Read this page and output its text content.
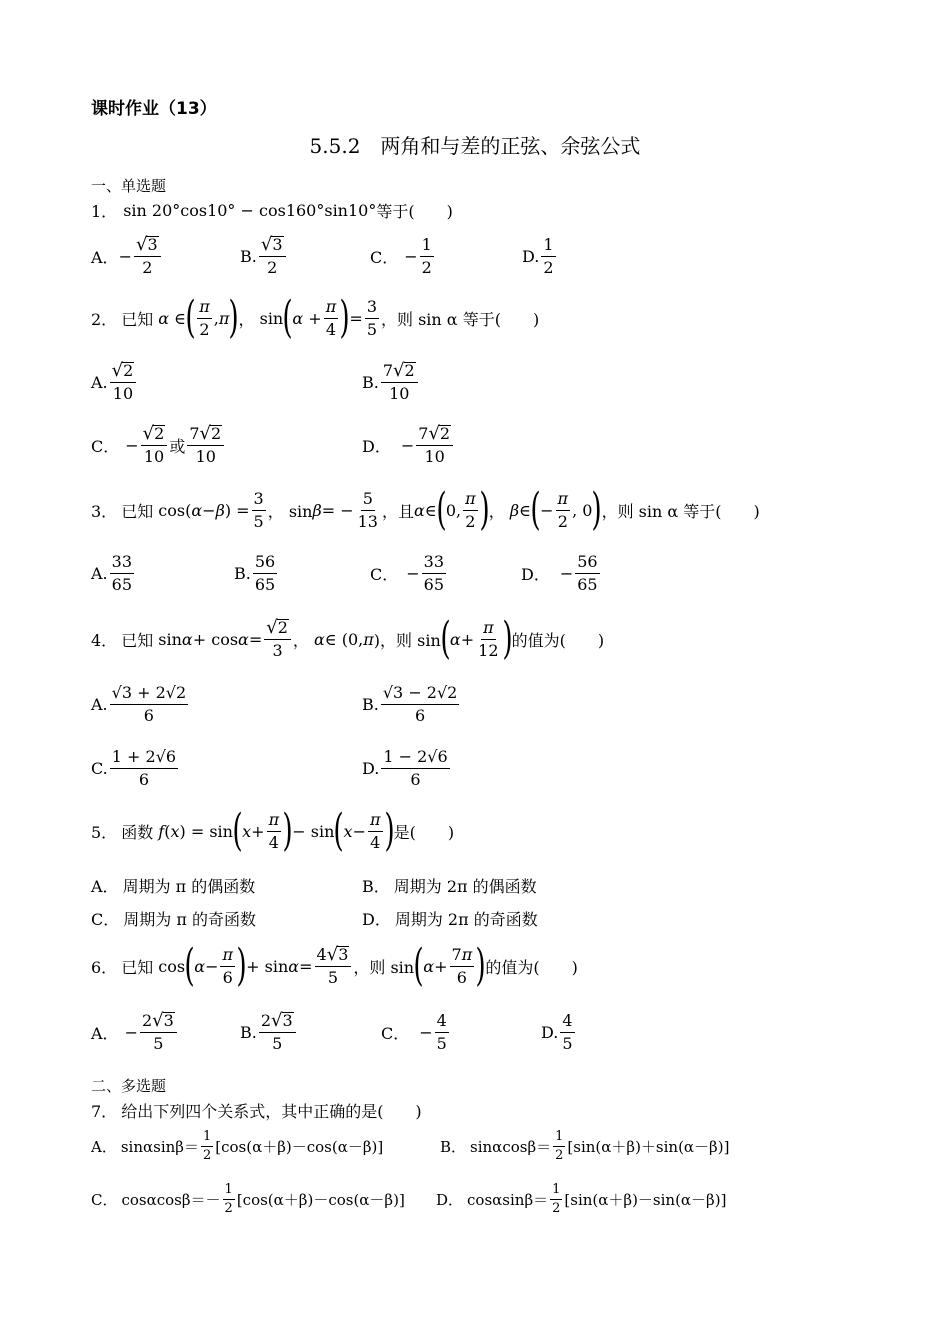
课时作业（13）
5.5.2　两角和与差的正弦、余弦公式
一、单选题
1． sin 20°cos10° − cos160°sin10° 等于(　　)
A． − $\frac{√ 3}{2}$	B. $\frac{√ 3}{2}$	C． − $\frac{1}{2}$	D. $\frac{1}{2}$
2． 已知 α ∈ ( $\frac{\pi}{2}$ , π ) ， sin ( $\alpha + \frac{\pi}{4}$ ) = $\frac{3}{5}$ ，则 sin α 等于(　　)
A. $\frac{√ 2}{10}$	B. $\frac{7 √ 2}{10}$
C． − $\frac{√ 2}{10}$ 或 $\frac{7 √ 2}{10}$	D． − $\frac{7 √ 2}{10}$
3． 已知 cos( α − β ) = $\frac{3}{5}$ ， sin β = − $\frac{5}{13}$ ，且 α ∈ ( 0, $\frac{\pi}{2}$ ) ， β ∈ ( − $\frac{\pi}{2}$ , 0 ) ，则 sin α 等于(　　)
A. $\frac{33}{65}$	B. $\frac{56}{65}$	C． − $\frac{33}{65}$	D． − $\frac{56}{65}$
4． 已知 $\sin \alpha + \cos \alpha = \frac{√ 2}{3}$ ， α ∈ (0, π )，则 sin ( $\alpha + \frac{\pi}{12}$ ) 的值为(　　)
A. $\frac{√3 + 2√2}{6}$	B. $\frac{√3 - 2√2}{6}$
C. $\frac{1 + 2√6}{6}$	D. $\frac{1 - 2√6}{6}$
5． 函数
f ( x ) = sin ( $x + \frac{\pi}{4}$ ) − sin ( $x - \frac{\pi}{4}$ ) 是(　　)
A． 周期为 π 的偶函数	B． 周期为 2π 的偶函数
C． 周期为 π 的奇函数	D． 周期为 2π 的奇函数
6． 已知 cos ( $\alpha - \frac{\pi}{6}$ ) + $\sin \alpha = \frac{4 √ 3}{5}$ ，则 sin ( $\alpha + \frac{7\pi}{6}$ ) 的值为(　　)
A． − $\frac{2 √ 3}{5}$	B. $\frac{2 √ 3}{5}$	C． − $\frac{4}{5}$	D. $\frac{4}{5}$
二、多选题
7． 给出下列四个关系式，其中正确的是(　　)
A． $\sin\alpha\sin\beta= \frac{1}{2} [\cos(\alpha+\beta)-\cos(\alpha-\beta)]$	B． $\sin\alpha\cos\beta= \frac{1}{2} [\sin(\alpha+\beta)+\sin(\alpha-\beta)]$
C． $\cos\alpha\cos\beta=- \frac{1}{2} [\cos(\alpha+\beta)-\cos(\alpha-\beta)]$ D． $\cos\alpha\sin\beta= \frac{1}{2} [\sin(\alpha+\beta)-\sin(\alpha-\beta)]$
